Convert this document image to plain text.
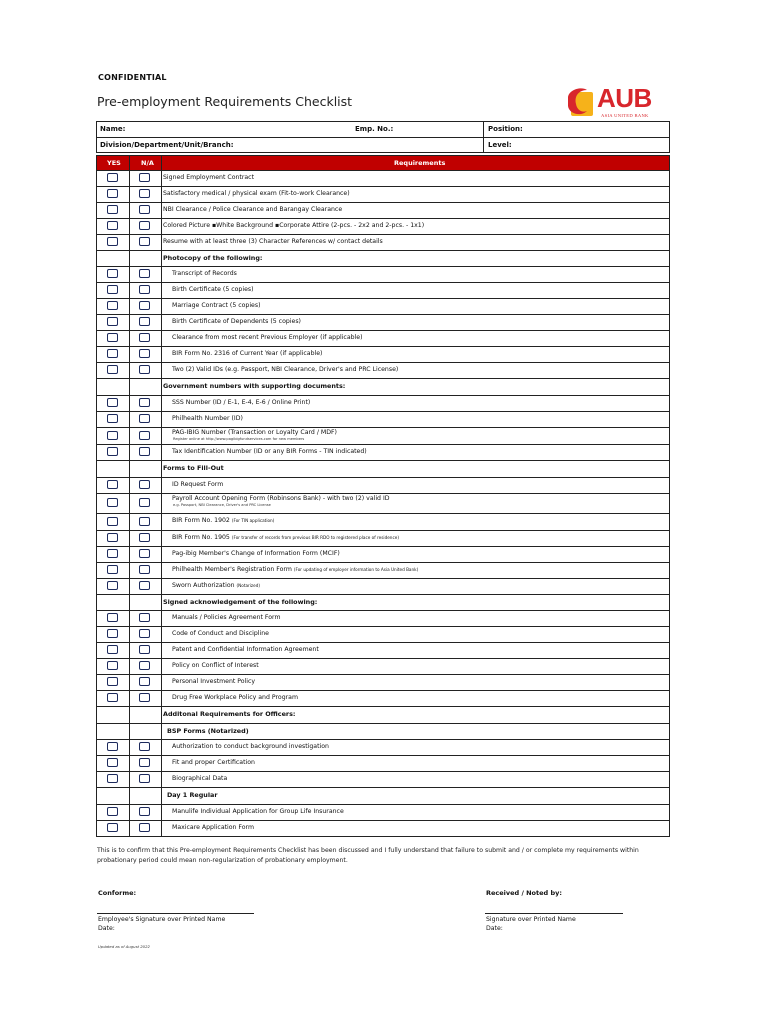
CONFIDENTIAL
Pre-employment Requirements Checklist	AUB
ASIA UNITED BANK
Name:	Emp. No.:	Position:
Division/Department/Unit/Branch:	Level:
YES	N/A	Requirements
Signed Employment Contract
Satisfactory medical / physical exam (Fit-to-work Clearance)
NBI Clearance / Police Clearance and Barangay Clearance
Colored Picture ▪White Background ▪Corporate Attire (2-pcs. - 2x2 and 2-pcs. - 1x1)
Resume with at least three (3) Character References w/ contact details
Photocopy of the following:
Transcript of Records
Birth Certificate (5 copies)
Marriage Contract (5 copies)
Birth Certificate of Dependents (5 copies)
Clearance from most recent Previous Employer (if applicable)
BIR Form No. 2316 of Current Year (if applicable)
Two (2) Valid IDs (e.g. Passport, NBI Clearance, Driver's and PRC License)
Government numbers with supporting documents:
SSS Number (ID / E-1, E-4, E-6 / Online Print)
Philhealth Number (ID)
PAG-IBIG Number (Transaction or Loyalty Card / MDF)
Register online at http://www.pagibigfundservices.com for new members
Tax Identification Number (ID or any BIR Forms - TIN indicated)
Forms to Fill-Out
ID Request Form
Payroll Account Opening Form (Robinsons Bank) - with two (2) valid ID
e.g. Passport, NBI Clearance, Driver's and PRC License
BIR Form No. 1902 (For TIN application)
BIR Form No. 1905 (For transfer of records from previous BIR RDO to registered place of residence)
Pag-ibig Member's Change of Information Form (MCIF)
Philhealth Member's Registration Form (For updating of employer information to Asia United Bank)
Sworn Authorization (Notarized)
Signed acknowledgement of the following:
Manuals / Policies Agreement Form
Code of Conduct and Discipline
Patent and Confidential Information Agreement
Policy on Conflict of Interest
Personal Investment Policy
Drug Free Workplace Policy and Program
Additonal Requirements for Officers:
BSP Forms (Notarized)
Authorization to conduct background investigation
Fit and proper Certification
Biographical Data
Day 1 Regular
Manulife Individual Application for Group Life Insurance
Maxicare Application Form
This is to confirm that this Pre-employment Requirements Checklist has been discussed and I fully understand that failure to submit and / or complete my requirements within probationary period could mean non-regularization of probationary employment.
Conforme:	Received / Noted by:
Employee's Signature over Printed Name
Date:
Signature over Printed Name
Date:
Updated as of August 2022
